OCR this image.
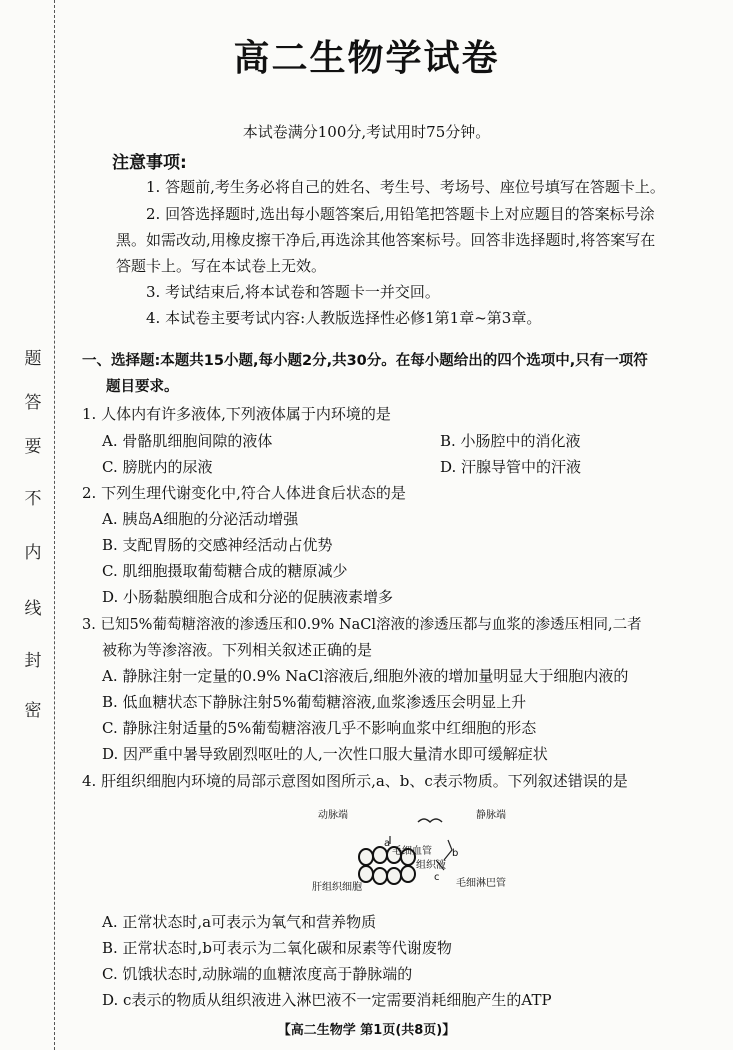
题
答
要
不
内
线
封
密
高二生物学试卷
本试卷满分100分,考试用时75分钟。
注意事项:
1. 答题前,考生务必将自己的姓名、考生号、考场号、座位号填写在答题卡上。
2. 回答选择题时,选出每小题答案后,用铅笔把答题卡上对应题目的答案标号涂
黑。如需改动,用橡皮擦干净后,再选涂其他答案标号。回答非选择题时,将答案写在
答题卡上。写在本试卷上无效。
3. 考试结束后,将本试卷和答题卡一并交回。
4. 本试卷主要考试内容:人教版选择性必修1第1章~第3章。
一、选择题:本题共15小题,每小题2分,共30分。在每小题给出的四个选项中,只有一项符
题目要求。
1. 人体内有许多液体,下列液体属于内环境的是
A. 骨骼肌细胞间隙的液体	B. 小肠腔中的消化液
C. 膀胱内的尿液	D. 汗腺导管中的汗液
2. 下列生理代谢变化中,符合人体进食后状态的是
A. 胰岛A细胞的分泌活动增强
B. 支配胃肠的交感神经活动占优势
C. 肌细胞摄取葡萄糖合成的糖原减少
D. 小肠黏膜细胞合成和分泌的促胰液素增多
3. 已知5%葡萄糖溶液的渗透压和0.9% NaCl溶液的渗透压都与血浆的渗透压相同,二者
被称为等渗溶液。下列相关叙述正确的是
A. 静脉注射一定量的0.9% NaCl溶液后,细胞外液的增加量明显大于细胞内液的
B. 低血糖状态下静脉注射5%葡萄糖溶液,血浆渗透压会明显上升
C. 静脉注射适量的5%葡萄糖溶液几乎不影响血浆中红细胞的形态
D. 因严重中暑导致剧烈呕吐的人,一次性口服大量清水即可缓解症状
4. 肝组织细胞内环境的局部示意图如图所示,a、b、c表示物质。下列叙述错误的是
动脉端	静脉端
a
毛细血管 b
组织液
肝组织细胞
c
毛细淋巴管
A. 正常状态时,a可表示为氧气和营养物质
B. 正常状态时,b可表示为二氧化碳和尿素等代谢废物
C. 饥饿状态时,动脉端的血糖浓度高于静脉端的
D. c表示的物质从组织液进入淋巴液不一定需要消耗细胞产生的ATP
【高二生物学 第1页(共8页)】
